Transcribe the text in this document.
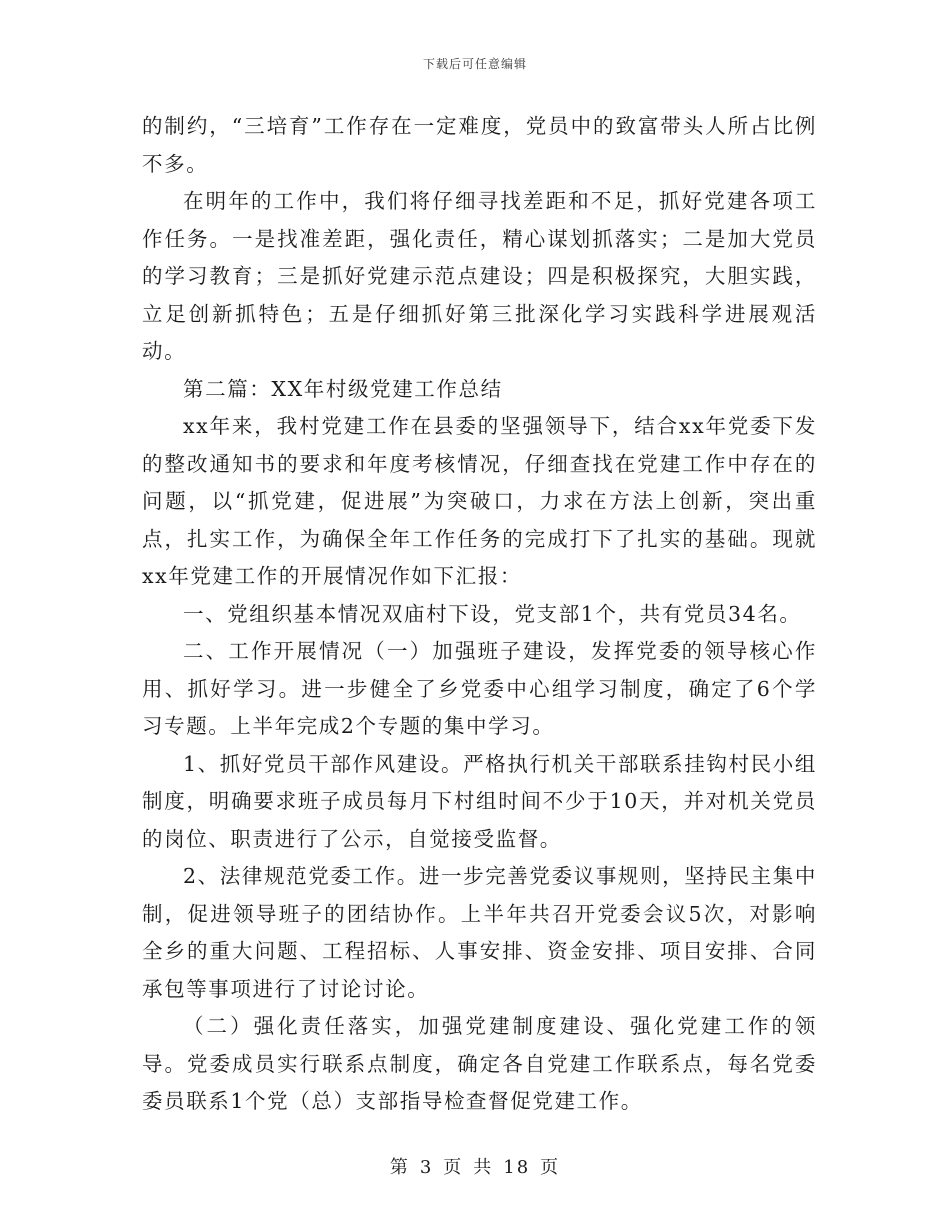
下载后可任意编辑

的制约，“三培育”工作存在一定难度，党员中的致富带头人所占比例不多。

在明年的工作中，我们将仔细寻找差距和不足，抓好党建各项工作任务。一是找准差距，强化责任，精心谋划抓落实；二是加大党员的学习教育；三是抓好党建示范点建设；四是积极探究，大胆实践，立足创新抓特色；五是仔细抓好第三批深化学习实践科学进展观活动。

第二篇：XX年村级党建工作总结

xx年来，我村党建工作在县委的坚强领导下，结合xx年党委下发的整改通知书的要求和年度考核情况，仔细查找在党建工作中存在的问题，以“抓党建，促进展”为突破口，力求在方法上创新，突出重点，扎实工作，为确保全年工作任务的完成打下了扎实的基础。现就xx年党建工作的开展情况作如下汇报：

一、党组织基本情况双庙村下设，党支部1个，共有党员34名。

二、工作开展情况（一）加强班子建设，发挥党委的领导核心作用、抓好学习。进一步健全了乡党委中心组学习制度，确定了6个学习专题。上半年完成2个专题的集中学习。

1、抓好党员干部作风建设。严格执行机关干部联系挂钩村民小组制度，明确要求班子成员每月下村组时间不少于10天，并对机关党员的岗位、职责进行了公示，自觉接受监督。

2、法律规范党委工作。进一步完善党委议事规则，坚持民主集中制，促进领导班子的团结协作。上半年共召开党委会议5次，对影响全乡的重大问题、工程招标、人事安排、资金安排、项目安排、合同承包等事项进行了讨论讨论。

（二）强化责任落实，加强党建制度建设、强化党建工作的领导。党委成员实行联系点制度，确定各自党建工作联系点，每名党委委员联系1个党（总）支部指导检查督促党建工作。

第 3 页 共 18 页
